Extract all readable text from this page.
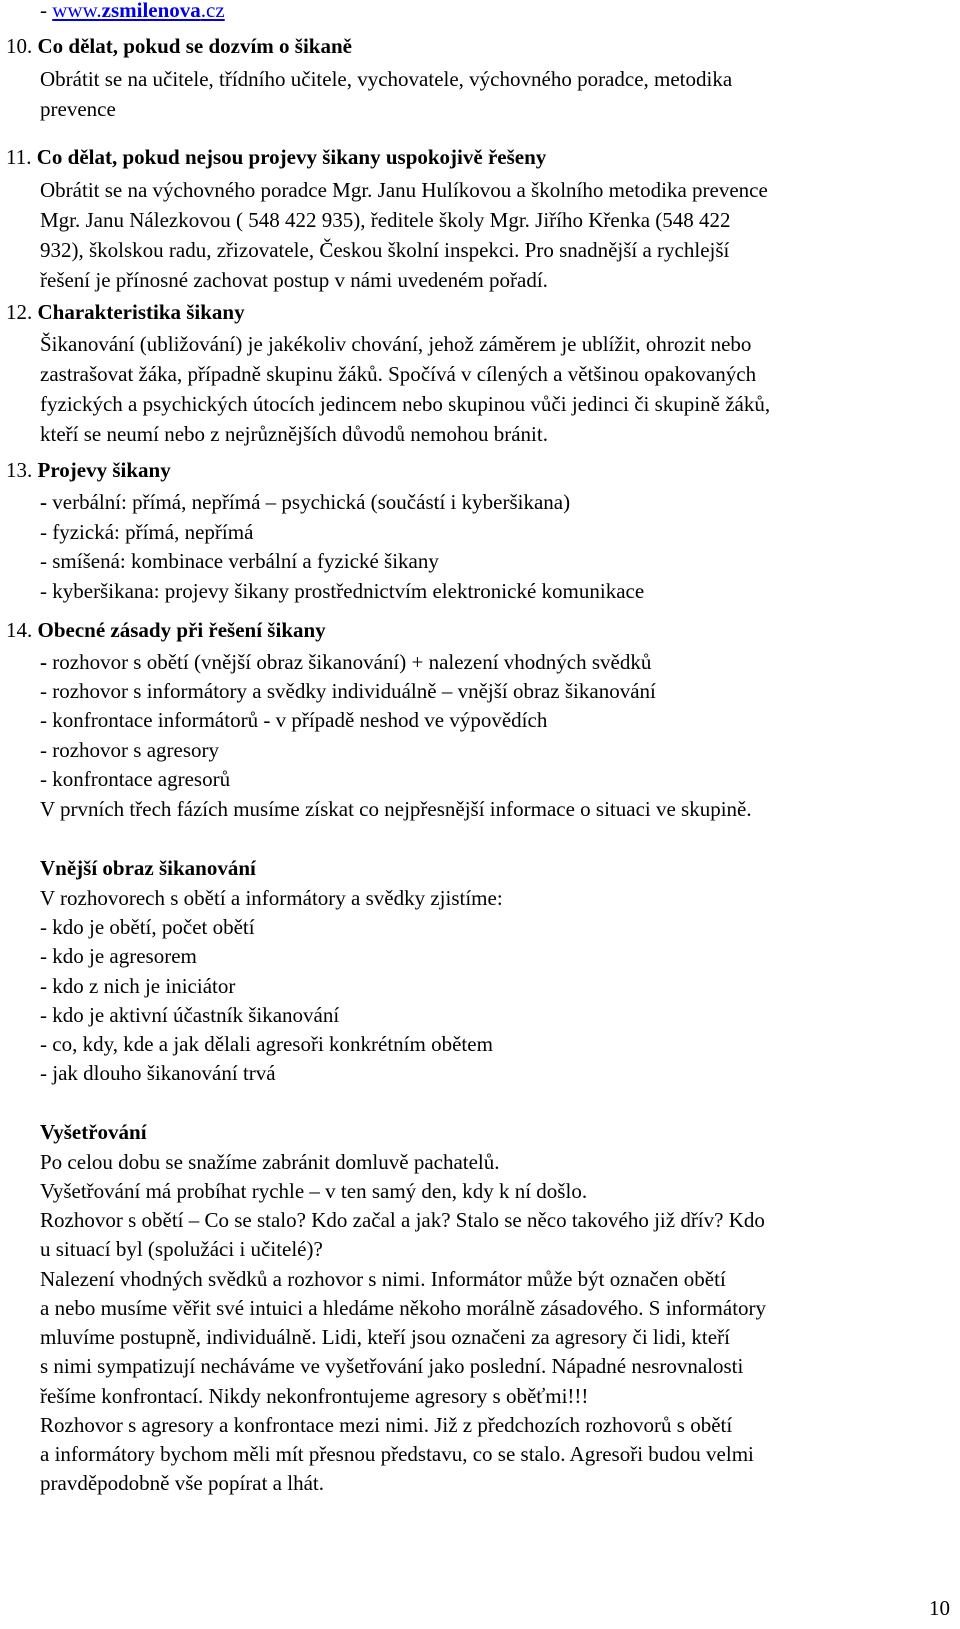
- www.zsmilenova.cz
10. Co dělat, pokud se dozvím o šikaně
Obrátit se na učitele, třídního učitele, vychovatele, výchovného poradce, metodika
prevence
11. Co dělat, pokud nejsou projevy šikany uspokojivě řešeny
Obrátit se na výchovného poradce Mgr. Janu Hulíkovou a školního metodika prevence
Mgr. Janu Nálezkovou ( 548 422 935), ředitele školy Mgr. Jiřího Křenka (548 422
932), školskou radu, zřizovatele, Českou školní inspekci. Pro snadnější a rychlejší
řešení je přínosné zachovat postup v námi uvedeném pořadí.
12. Charakteristika šikany
Šikanování (ubližování) je jakékoliv chování, jehož záměrem je ublížit, ohrozit nebo
zastrašovat žáka, případně skupinu žáků. Spočívá v cílených a většinou opakovaných
fyzických a psychických útocích jedincem nebo skupinou vůči jedinci či skupině žáků,
kteří se neumí nebo z nejrůznějších důvodů nemohou bránit.
13. Projevy šikany
- verbální: přímá, nepřímá – psychická (součástí i kyberšikana)
- fyzická: přímá, nepřímá
- smíšená: kombinace verbální a fyzické šikany
- kyberšikana: projevy šikany prostřednictvím elektronické komunikace
14. Obecné zásady při řešení šikany
- rozhovor s obětí (vnější obraz šikanování) + nalezení vhodných svědků
- rozhovor s informátory a svědky individuálně – vnější obraz šikanování
- konfrontace informátorů - v případě neshod ve výpovědích
- rozhovor s agresory
- konfrontace agresorů
V prvních třech fázích musíme získat co nejpřesnější informace o situaci ve skupině.
Vnější obraz šikanování
V rozhovorech s obětí a informátory a svědky zjistíme:
- kdo je obětí, počet obětí
- kdo je agresorem
- kdo z nich je iniciátor
- kdo je aktivní účastník šikanování
- co, kdy, kde a jak dělali agresoři konkrétním obětem
- jak dlouho šikanování trvá
Vyšetřování
Po celou dobu se snažíme zabránit domluvě pachatelů.
Vyšetřování má probíhat rychle – v ten samý den, kdy k ní došlo.
Rozhovor s obětí – Co se stalo? Kdo začal a jak? Stalo se něco takového již dřív? Kdo
u situací byl (spolužáci i učitelé)?
Nalezení vhodných svědků a rozhovor s nimi. Informátor může být označen obětí
a nebo musíme věřit své intuici a hledáme někoho morálně zásadového. S informátory
mluvíme postupně, individuálně. Lidi, kteří jsou označeni za agresory či lidi, kteří
s nimi sympatizují necháváme ve vyšetřování jako poslední. Nápadné nesrovnalosti
řešíme konfrontací. Nikdy nekonfrontujeme agresory s oběťmi!!!
Rozhovor s agresory a konfrontace mezi nimi. Již z předchozích rozhovorů s obětí
a informátory bychom měli mít přesnou představu, co se stalo. Agresoři budou velmi
pravděpodobně vše popírat a lhát.
10
